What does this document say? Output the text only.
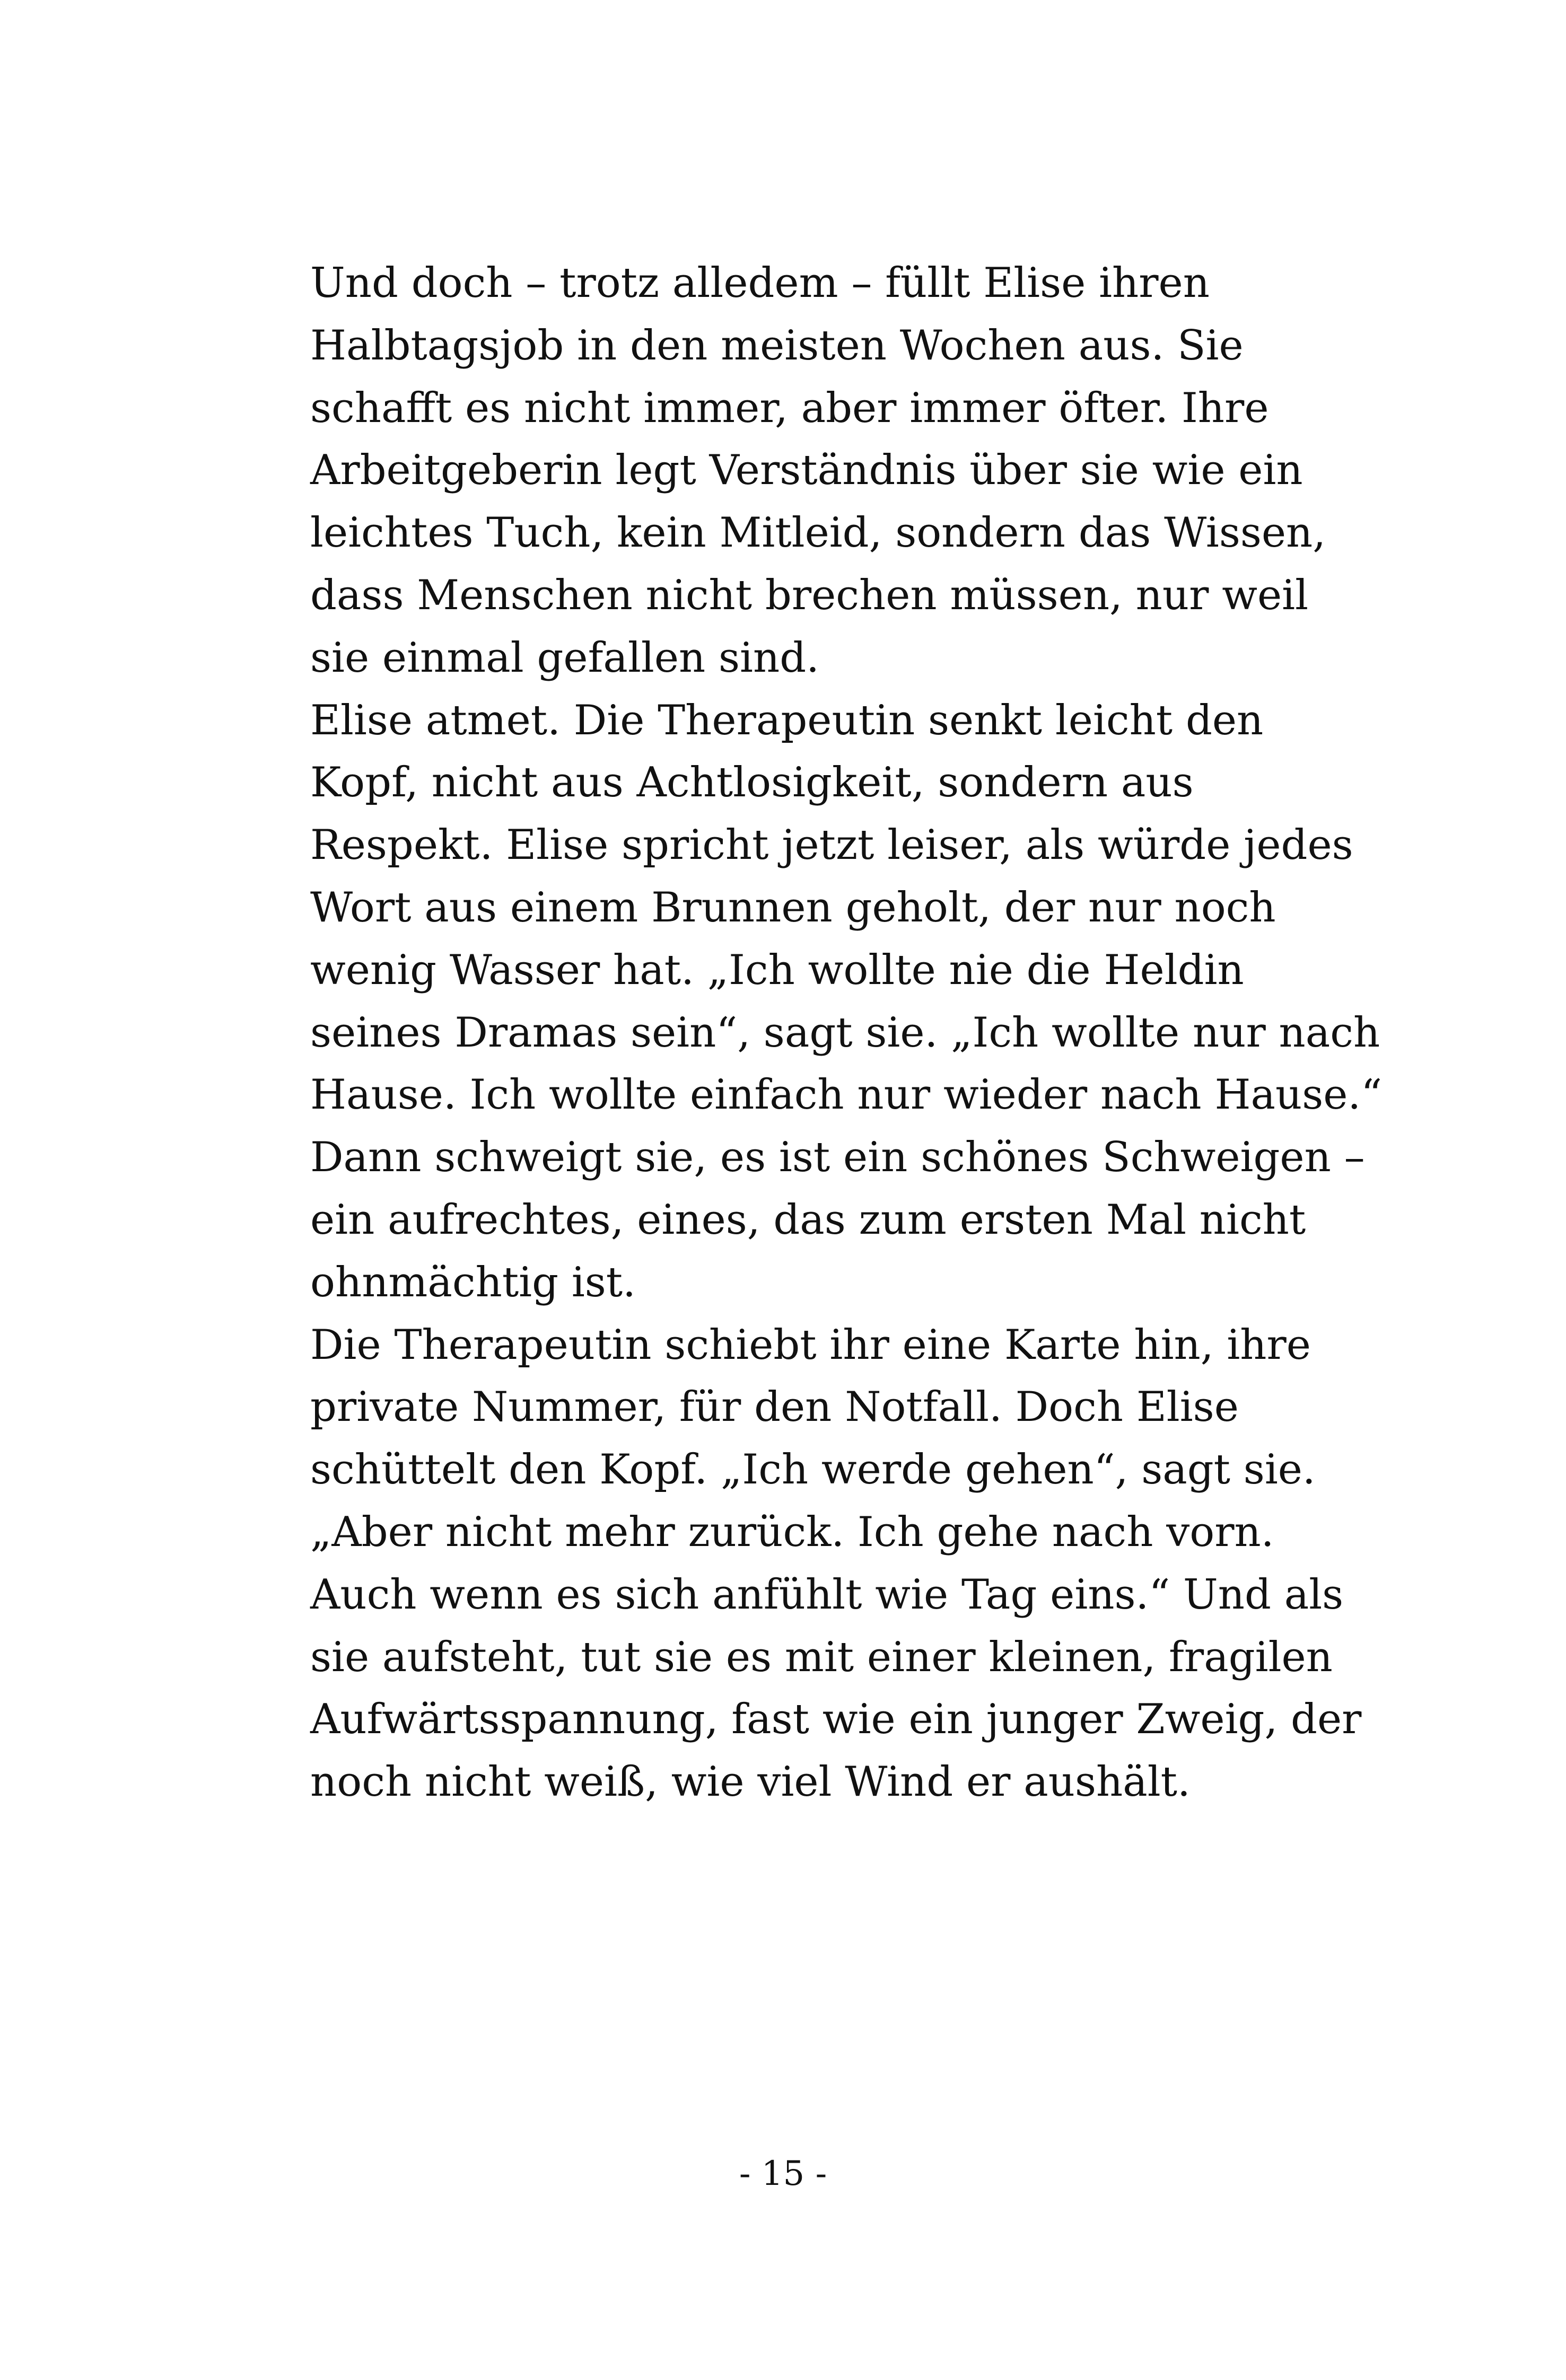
Und doch – trotz alledem – füllt Elise ihren
Halbtagsjob in den meisten Wochen aus. Sie
schafft es nicht immer, aber immer öfter. Ihre
Arbeitgeberin legt Verständnis über sie wie ein
leichtes Tuch, kein Mitleid, sondern das Wissen,
dass Menschen nicht brechen müssen, nur weil
sie einmal gefallen sind.
Elise atmet. Die Therapeutin senkt leicht den
Kopf, nicht aus Achtlosigkeit, sondern aus
Respekt. Elise spricht jetzt leiser, als würde jedes
Wort aus einem Brunnen geholt, der nur noch
wenig Wasser hat. „Ich wollte nie die Heldin
seines Dramas sein“, sagt sie. „Ich wollte nur nach
Hause. Ich wollte einfach nur wieder nach Hause.“
Dann schweigt sie, es ist ein schönes Schweigen –
ein aufrechtes, eines, das zum ersten Mal nicht
ohnmächtig ist.
Die Therapeutin schiebt ihr eine Karte hin, ihre
private Nummer, für den Notfall. Doch Elise
schüttelt den Kopf. „Ich werde gehen“, sagt sie.
„Aber nicht mehr zurück. Ich gehe nach vorn.
Auch wenn es sich anfühlt wie Tag eins.“ Und als
sie aufsteht, tut sie es mit einer kleinen, fragilen
Aufwärtsspannung, fast wie ein junger Zweig, der
noch nicht weiß, wie viel Wind er aushält.
- 15 -
